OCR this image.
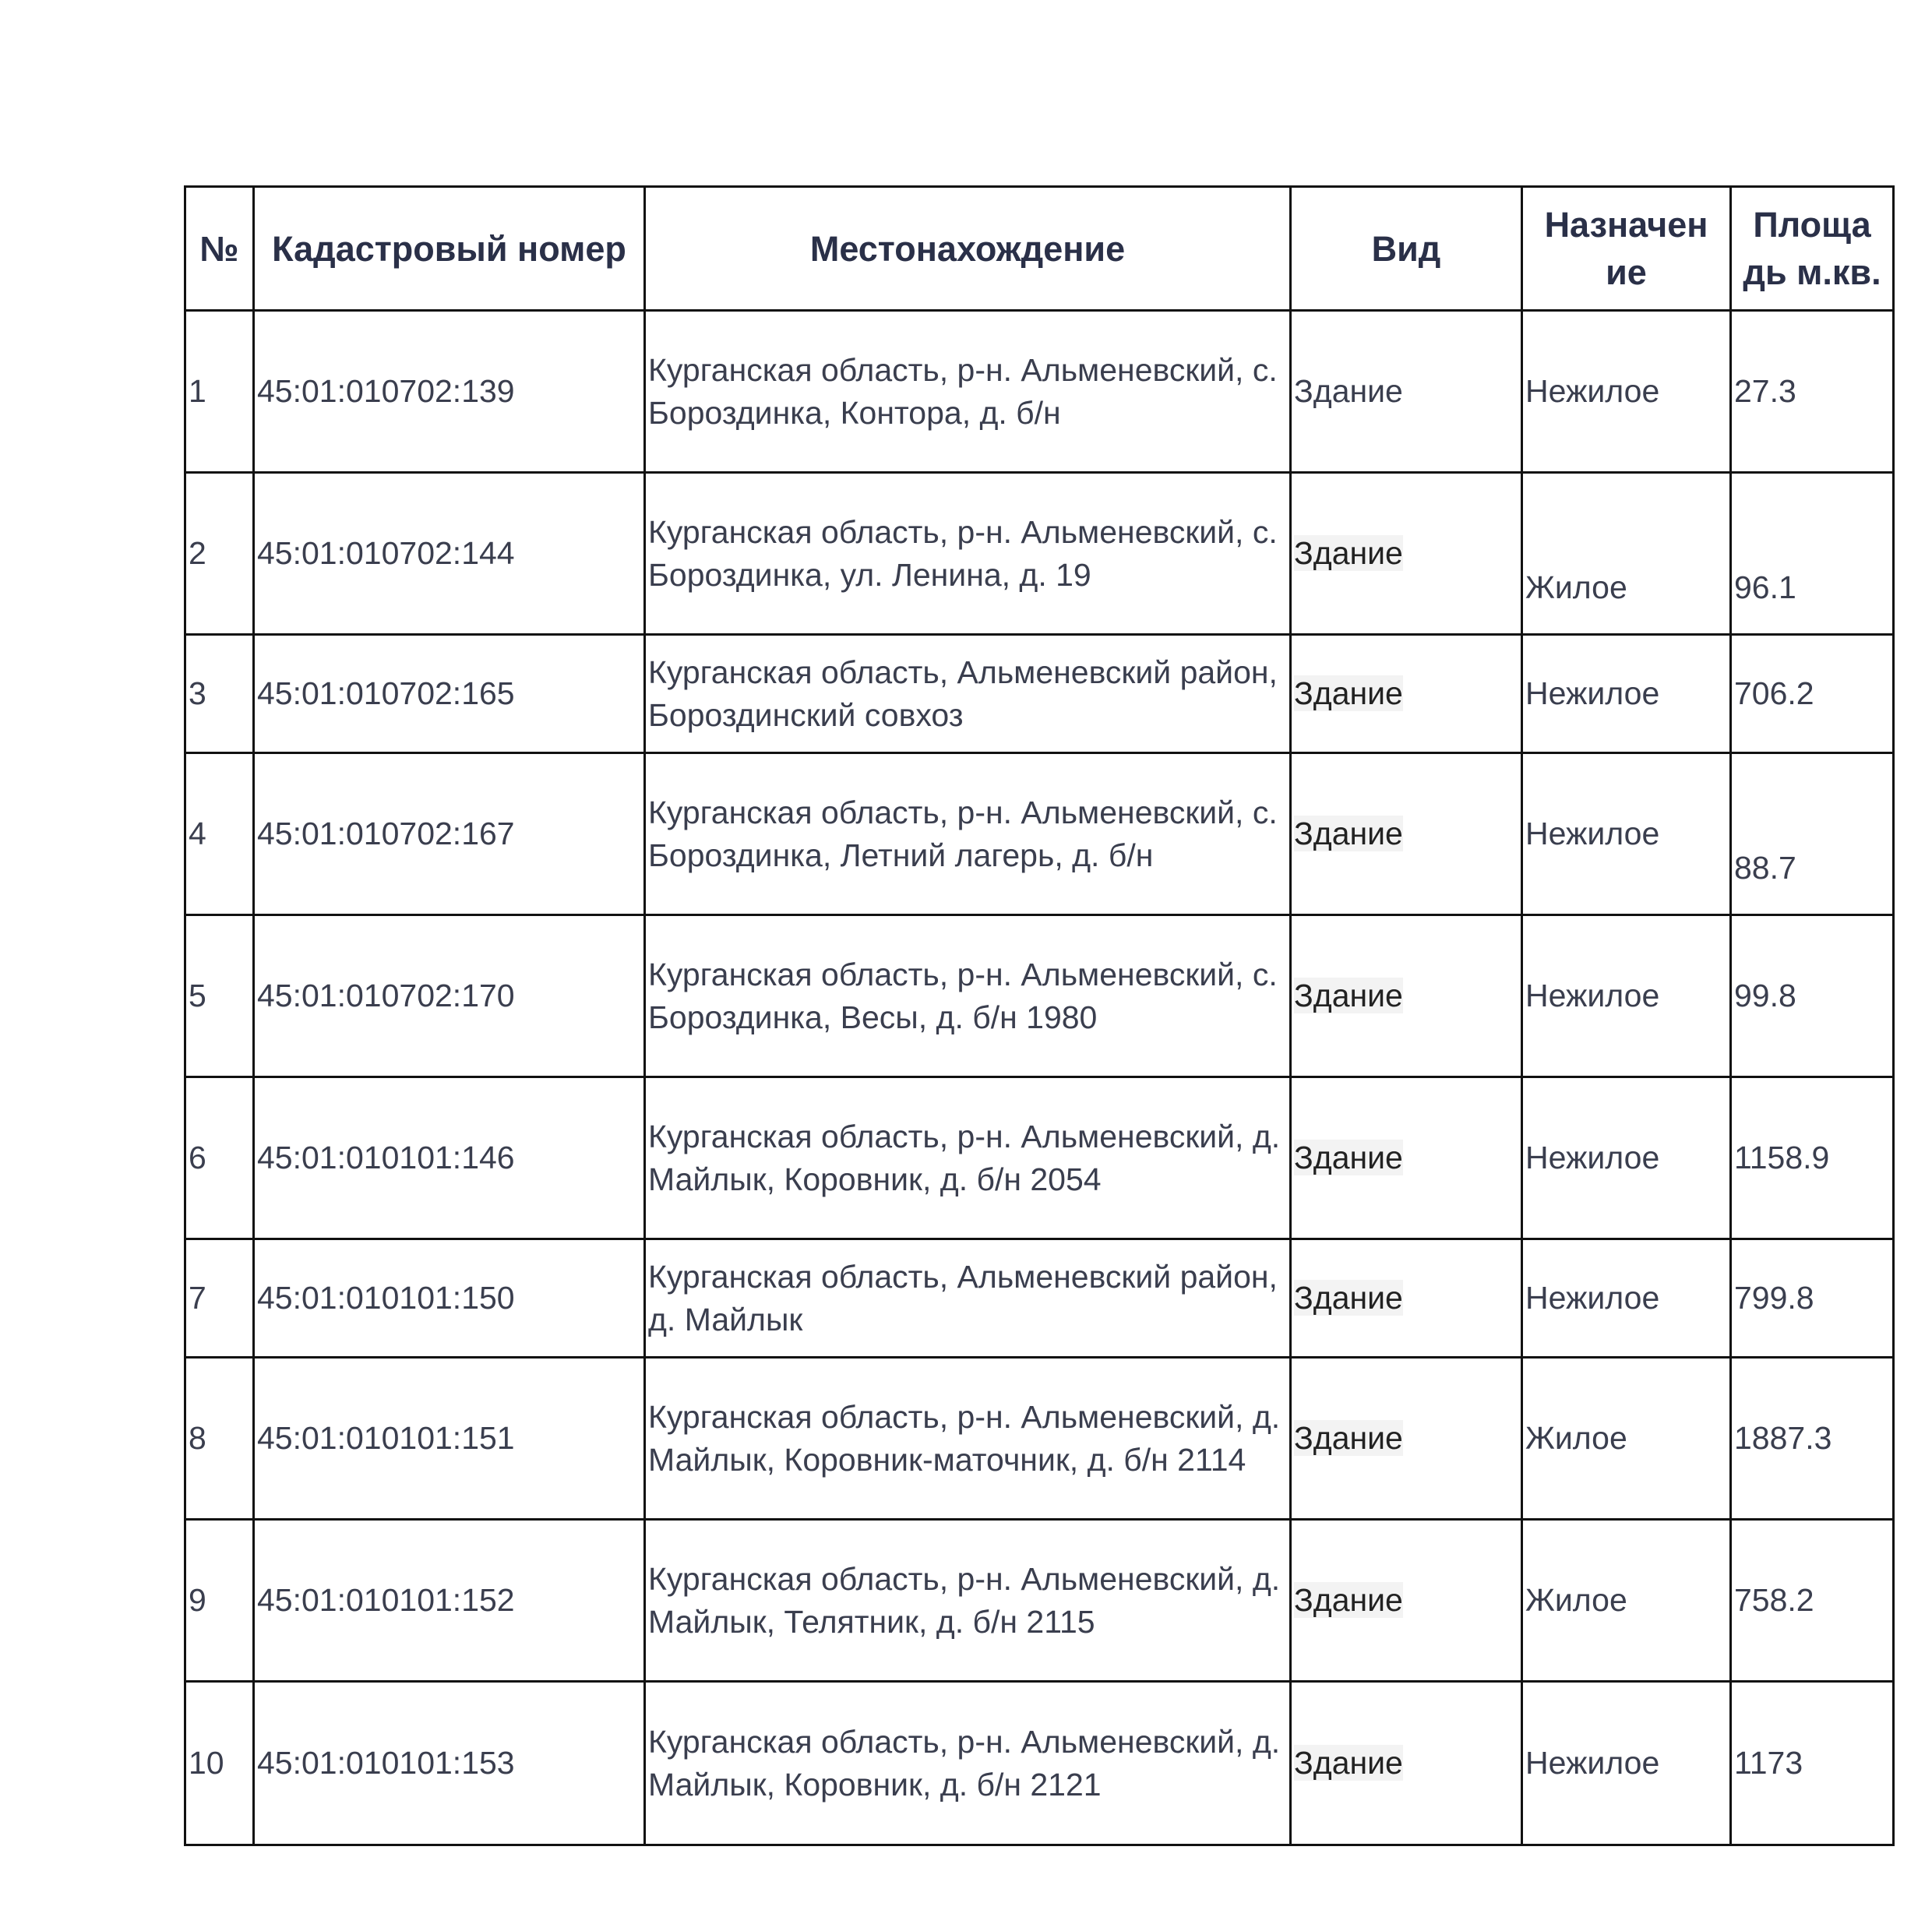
№	Кадастровый номер	Местонахождение	Вид	Назначен ие	Площа дь м.кв.
1	45:01:010702:139	Курганская область, р-н. Альменевский, с. Бороздинка, Контора, д. б/н	Здание	Нежилое	27.3
2	45:01:010702:144	Курганская область, р-н. Альменевский, с. Бороздинка, ул. Ленина, д. 19	Здание	Жилое	96.1
3	45:01:010702:165	Курганская область, Альменевский район, Бороздинский совхоз	Здание	Нежилое	706.2
4	45:01:010702:167	Курганская область, р-н. Альменевский, с. Бороздинка, Летний лагерь, д. б/н	Здание	Нежилое	88.7
5	45:01:010702:170	Курганская область, р-н. Альменевский, с. Бороздинка, Весы, д. б/н 1980	Здание	Нежилое	99.8
6	45:01:010101:146	Курганская область, р-н. Альменевский, д. Майлык, Коровник, д. б/н 2054	Здание	Нежилое	1158.9
7	45:01:010101:150	Курганская область, Альменевский район, д. Майлык	Здание	Нежилое	799.8
8	45:01:010101:151	Курганская область, р-н. Альменевский, д. Майлык, Коровник-маточник, д. б/н 2114	Здание	Жилое	1887.3
9	45:01:010101:152	Курганская область, р-н. Альменевский, д. Майлык, Телятник, д. б/н 2115	Здание	Жилое	758.2
10	45:01:010101:153	Курганская область, р-н. Альменевский, д. Майлык, Коровник, д. б/н 2121	Здание	Нежилое	1173
